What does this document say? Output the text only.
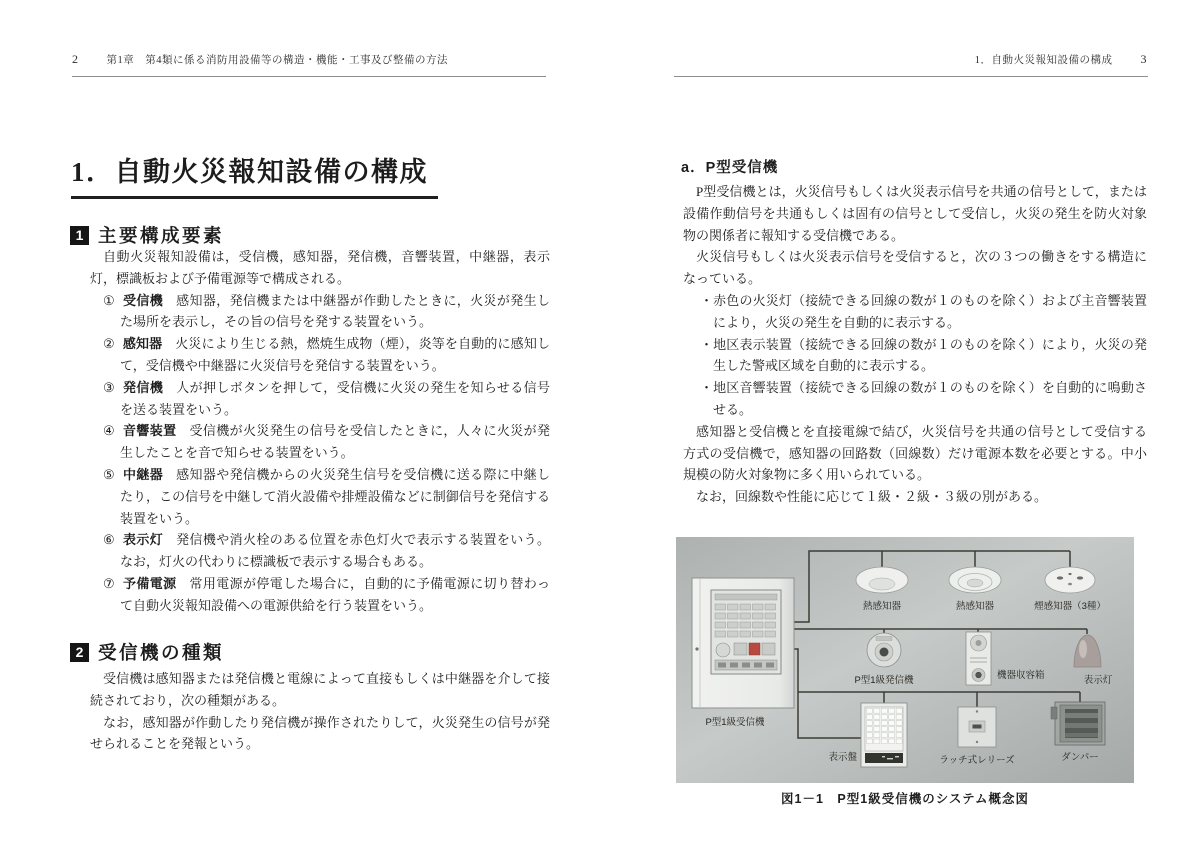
2	第1章　第4類に係る消防用設備等の構造・機能・工事及び整備の方法	1．自動火災報知設備の構成 3
1．自動火災報知設備の構成
1 主要構成要素

自動火災報知設備は，受信機，感知器，発信機，音響装置，中継器，表示灯，標識板および予備電源等で構成される。

① 受信機 感知器，発信機または中継器が作動したときに，火災が発生した場所を表示し，その旨の信号を発する装置をいう。

② 感知器 火災により生じる熱，燃焼生成物（煙），炎等を自動的に感知して，受信機や中継器に火災信号を発信する装置をいう。

③ 発信機 人が押しボタンを押して，受信機に火災の発生を知らせる信号を送る装置をいう。

④ 音響装置 受信機が火災発生の信号を受信したときに，人々に火災が発生したことを音で知らせる装置をいう。

⑤ 中継器 感知器や発信機からの火災発生信号を受信機に送る際に中継したり，この信号を中継して消火設備や排煙設備などに制御信号を発信する装置をいう。

⑥ 表示灯 発信機や消火栓のある位置を赤色灯火で表示する装置をいう。なお，灯火の代わりに標識板で表示する場合もある。

⑦ 予備電源 常用電源が停電した場合に，自動的に予備電源に切り替わって自動火災報知設備への電源供給を行う装置をいう。

2 受信機の種類

受信機は感知器または発信機と電線によって直接もしくは中継器を介して接続されており，次の種類がある。

なお，感知器が作動したり発信機が操作されたりして，火災発生の信号が発せられることを発報という。

a．P型受信機

P型受信機とは，火災信号もしくは火災表示信号を共通の信号として，または設備作動信号を共通もしくは固有の信号として受信し，火災の発生を防火対象物の関係者に報知する受信機である。

火災信号もしくは火災表示信号を受信すると，次の３つの働きをする構造になっている。

・赤色の火災灯（接続できる回線の数が１のものを除く）および主音響装置により，火災の発生を自動的に表示する。

・地区表示装置（接続できる回線の数が１のものを除く）により，火災の発生した警戒区域を自動的に表示する。

・地区音響装置（接続できる回線の数が１のものを除く）を自動的に鳴動させる。

感知器と受信機とを直接電線で結び，火災信号を共通の信号として受信する方式の受信機で，感知器の回路数（回線数）だけ電源本数を必要とする。中小規模の防火対象物に多く用いられている。

なお，回線数や性能に応じて１級・２級・３級の別がある。

P型1級受信機
熱感知器	熱感知器	煙感知器（3種）
P型1級発信機	機器収容箱	表示灯
表示盤	ラッチ式レリーズ	ダンパー

図1－1　P型1級受信機のシステム概念図
